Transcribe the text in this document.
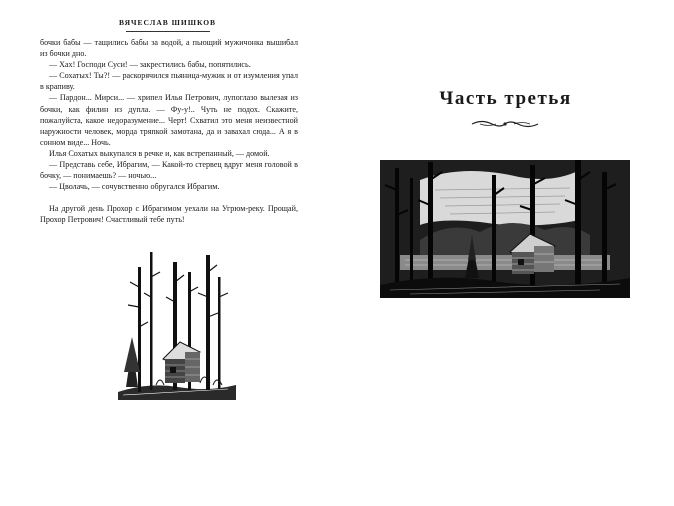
ВЯЧЕСЛАВ ШИШКОВ

бочки бабы — тащились бабы за водой, а пьющий мужичонка вышибал из бочки дно.

— Хах! Господи Суси! — закрестились бабы, попятились.

— Сохатых! Ты?! — раскорячился пьяница-мужик и от изумления упал в крапиву.

— Пардон... Мирси... — хрипел Илья Петрович, лупоглазо вылезая из бочки, как филин из дупла. — Фу-у!.. Чуть не подох. Скажите, пожалуйста, какое недоразумение... Черт! Схватил это меня неизвестной наружности человек, морда тряпкой замотана, да и завахал сюда... А я в сонном виде... Ночь.

Илья Сохатых выкупался в речке и, как встрепанный, — домой.

— Представь себе, Ибрагим, — Какой-то стервец вдруг меня головой в бочку, — понимаешь? — ночью...

— Цволачь, — сочувственно обругался Ибрагим.

На другой день Прохор с Ибрагимом уехали на Угрюм-реку. Прощай, Прохор Петрович! Счастливый тебе путь!

Часть третья
